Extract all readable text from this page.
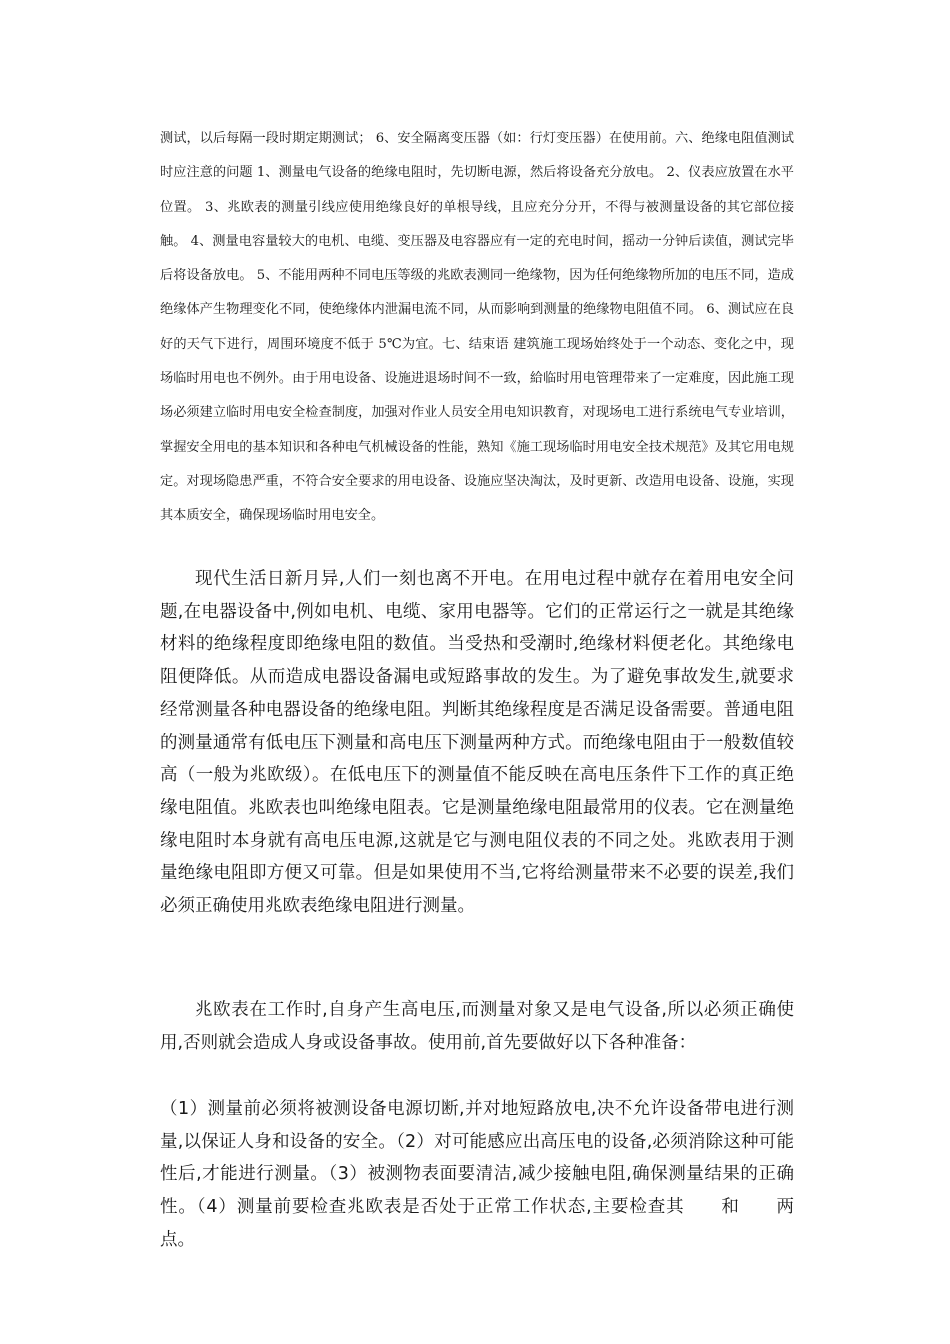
测试，以后每隔一段时期定期测试； 6、安全隔离变压器（如：行灯变压器）在使用前。六、绝缘电阻值测试时应注意的问题 1、测量电气设备的绝缘电阻时，先切断电源，然后将设备充分放电。 2、仪表应放置在水平位置。 3、兆欧表的测量引线应使用绝缘良好的单根导线，且应充分分开，不得与被测量设备的其它部位接触。 4、测量电容量较大的电机、电缆、变压器及电容器应有一定的充电时间，摇动一分钟后读值，测试完毕后将设备放电。 5、不能用两种不同电压等级的兆欧表测同一绝缘物，因为任何绝缘物所加的电压不同，造成绝缘体产生物理变化不同，使绝缘体内泄漏电流不同，从而影响到测量的绝缘物电阻值不同。 6、测试应在良好的天气下进行，周围环境度不低于 5℃为宜。七、结束语 建筑施工现场始终处于一个动态、变化之中，现场临时用电也不例外。由于用电设备、设施进退场时间不一致，給临时用电管理带来了一定难度，因此施工现场必须建立临时用电安全检查制度，加强对作业人员安全用电知识教育，对现场电工进行系统电气专业培训，掌握安全用电的基本知识和各种电气机械设备的性能，熟知《施工现场临时用电安全技术规范》及其它用电规定。对现场隐患严重，不符合安全要求的用电设备、设施应坚决淘汰，及时更新、改造用电设备、设施，实现其本质安全，确保现场临时用电安全。

现代生活日新月异,人们一刻也离不开电。在用电过程中就存在着用电安全问题,在电器设备中,例如电机、电缆、家用电器等。它们的正常运行之一就是其绝缘材料的绝缘程度即绝缘电阻的数值。当受热和受潮时,绝缘材料便老化。其绝缘电阻便降低。从而造成电器设备漏电或短路事故的发生。为了避免事故发生,就要求经常测量各种电器设备的绝缘电阻。判断其绝缘程度是否满足设备需要。普通电阻的测量通常有低电压下测量和高电压下测量两种方式。而绝缘电阻由于一般数值较高（一般为兆欧级）。在低电压下的测量值不能反映在高电压条件下工作的真正绝缘电阻值。兆欧表也叫绝缘电阻表。它是测量绝缘电阻最常用的仪表。它在测量绝缘电阻时本身就有高电压电源,这就是它与测电阻仪表的不同之处。兆欧表用于测量绝缘电阻即方便又可靠。但是如果使用不当,它将给测量带来不必要的误差,我们必须正确使用兆欧表绝缘电阻进行测量。

兆欧表在工作时,自身产生高电压,而测量对象又是电气设备,所以必须正确使用,否则就会造成人身或设备事故。使用前,首先要做好以下各种准备：

（1）测量前必须将被测设备电源切断,并对地短路放电,决不允许设备带电进行测量,以保证人身和设备的安全。（2）对可能感应出高压电的设备,必须消除这种可能性后,才能进行测量。（3）被测物表面要清洁,减少接触电阻,确保测量结果的正确性。（4）测量前要检查兆欧表是否处于正常工作状态,主要检查其　　和　　两点。
